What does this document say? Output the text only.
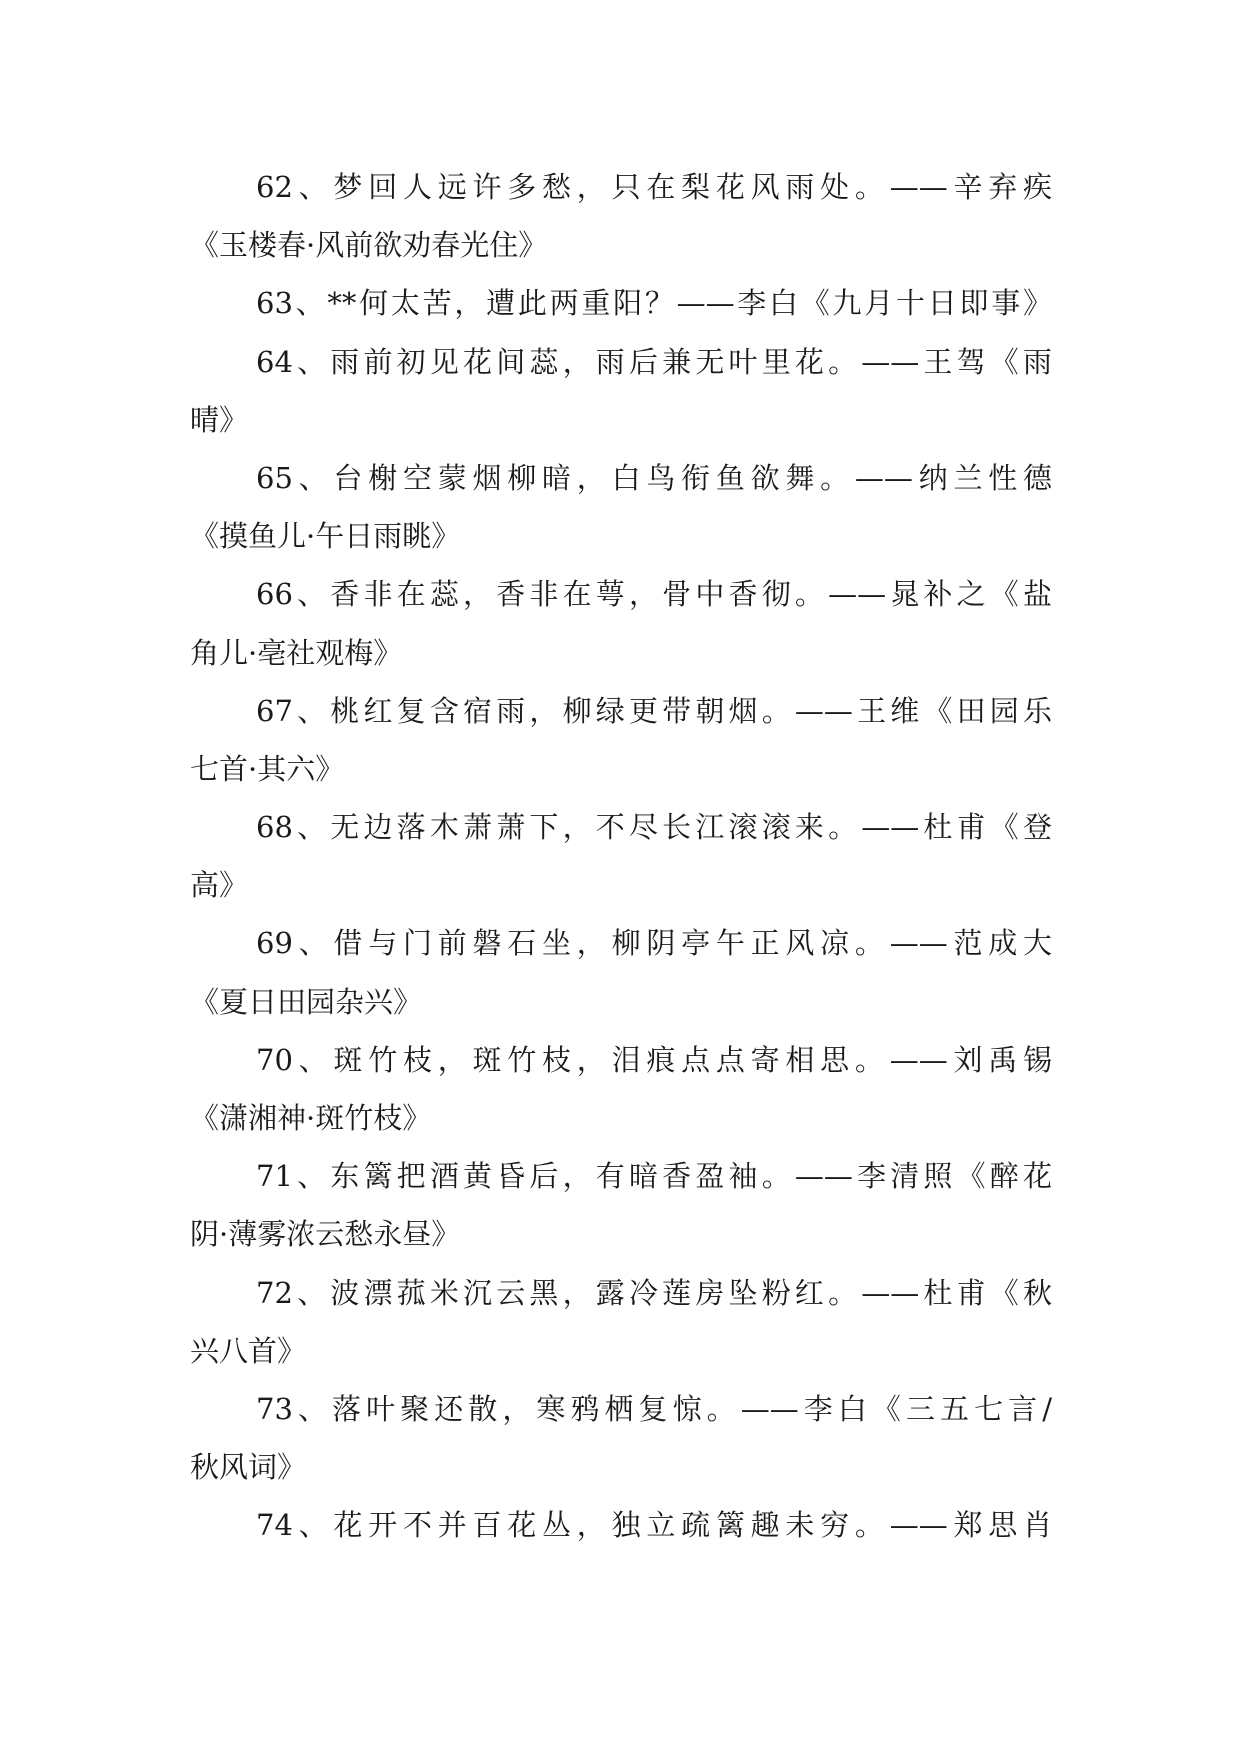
62、梦回人远许多愁，只在梨花风雨处。——辛弃疾
《玉楼春·风前欲劝春光住》
63、**何太苦，遭此两重阳？——李白《九月十日即事》
64、雨前初见花间蕊，雨后兼无叶里花。——王驾《雨
晴》
65、台榭空蒙烟柳暗，白鸟衔鱼欲舞。——纳兰性德
《摸鱼儿·午日雨眺》
66、香非在蕊，香非在萼，骨中香彻。——晁补之《盐
角儿·亳社观梅》
67、桃红复含宿雨，柳绿更带朝烟。——王维《田园乐
七首·其六》
68、无边落木萧萧下，不尽长江滚滚来。——杜甫《登
高》
69、借与门前磐石坐，柳阴亭午正风凉。——范成大
《夏日田园杂兴》
70、斑竹枝，斑竹枝，泪痕点点寄相思。——刘禹锡
《潇湘神·斑竹枝》
71、东篱把酒黄昏后，有暗香盈袖。——李清照《醉花
阴·薄雾浓云愁永昼》
72、波漂菰米沉云黑，露冷莲房坠粉红。——杜甫《秋
兴八首》
73、落叶聚还散，寒鸦栖复惊。——李白《三五七言/
秋风词》
74、花开不并百花丛，独立疏篱趣未穷。——郑思肖
